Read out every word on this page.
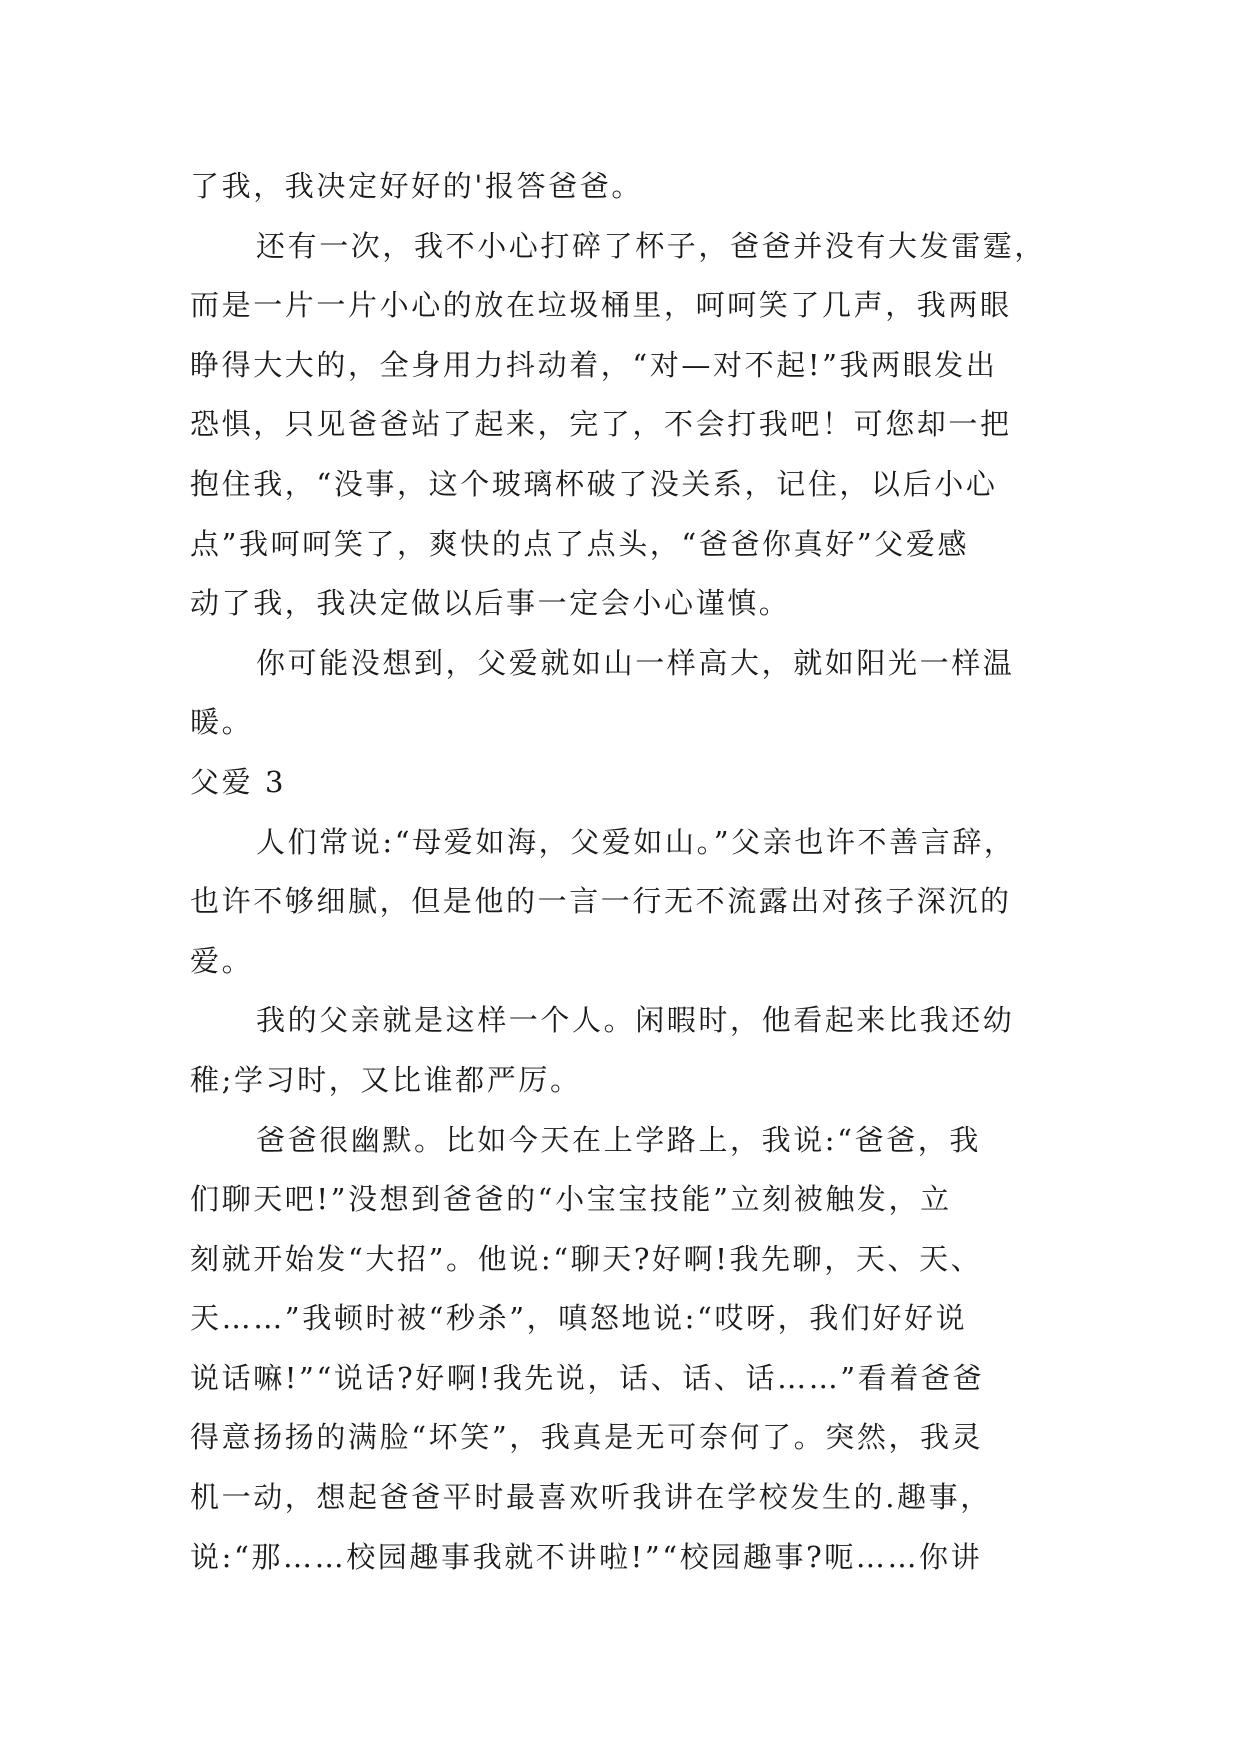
了我，我决定好好的'报答爸爸。
还有一次，我不小心打碎了杯子，爸爸并没有大发雷霆，
而是一片一片小心的放在垃圾桶里，呵呵笑了几声，我两眼
睁得大大的，全身用力抖动着，“对—对不起!”我两眼发出
恐惧，只见爸爸站了起来，完了，不会打我吧！可您却一把
抱住我，“没事，这个玻璃杯破了没关系，记住，以后小心
点”我呵呵笑了，爽快的点了点头，“爸爸你真好”父爱感
动了我，我决定做以后事一定会小心谨慎。
你可能没想到，父爱就如山一样高大，就如阳光一样温
暖。
父爱 3
人们常说:“母爱如海，父爱如山。”父亲也许不善言辞，
也许不够细腻，但是他的一言一行无不流露出对孩子深沉的
爱。
我的父亲就是这样一个人。闲暇时，他看起来比我还幼
稚;学习时，又比谁都严厉。
爸爸很幽默。比如今天在上学路上，我说:“爸爸，我
们聊天吧!”没想到爸爸的“小宝宝技能”立刻被触发，立
刻就开始发“大招”。他说:“聊天?好啊!我先聊，天、天、
天……”我顿时被“秒杀”，嗔怒地说:“哎呀，我们好好说
说话嘛!”“说话?好啊!我先说，话、话、话……”看着爸爸
得意扬扬的满脸“坏笑”，我真是无可奈何了。突然，我灵
机一动，想起爸爸平时最喜欢听我讲在学校发生的.趣事，
说:“那……校园趣事我就不讲啦!”“校园趣事?呃……你讲
